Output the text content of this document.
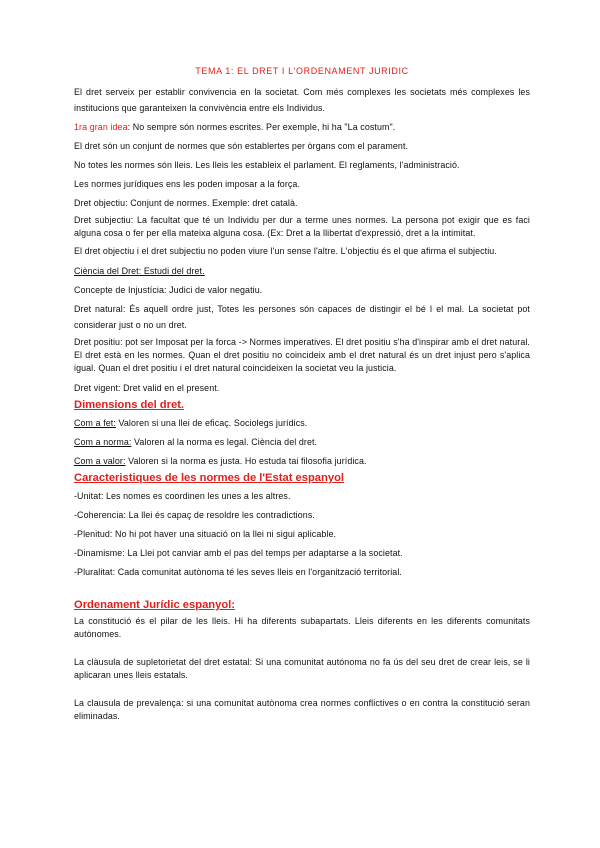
TEMA 1: EL DRET I L'ORDENAMENT JURIDIC

El dret serveix per establir convivencia en la societat. Com més complexes les societats més complexes les institucions que garanteixen la convivència entre els Individus.

1ra gran idea: No sempre són normes escrites. Per exemple, hi ha "La costum".

El dret són un conjunt de normes que són establertes per òrgans com el parament.

No totes les normes són lleis. Les lleis les estableix el parlament. El reglaments, l'administració.

Les normes jurídiques ens les poden imposar a la força.

Dret objectiu: Conjunt de normes. Exemple: dret català.

Dret subjectiu: La facultat que té un Individu per dur a terme unes normes. La persona pot exigir que es faci alguna cosa o fer per ella mateixa alguna cosa. (Ex: Dret a la llibertat d'expressió, dret a la intimitat.

El dret objectiu i el dret subjectiu no poden viure l'un sense l'altre. L'objectiu és el que afirma el subjectiu.

Ciència del Dret: Estudi del dret.

Concepte de Injustícia: Judici de valor negatiu.

Dret natural: És aquell ordre just, Totes les persones són capaces de distingir el bé I el mal. La societat pot considerar just o no un dret.

Dret positiu: pot ser Imposat per la forca -> Normes imperatives. El dret positiu s'ha d'inspirar amb el dret natural. El dret està en les normes. Quan el dret positiu no coincideix amb el dret natural és un dret injust pero s'aplica igual. Quan el dret positiu i el dret natural coincideixen la societat veu la justicia.

Dret vigent: Dret valid en el present.

Dimensions del dret.

Com a fet: Valoren si una llei de eficaç. Sociolegs jurídics.

Com a norma: Valoren al la norma es legal. Ciència del dret.

Com a valor: Valoren si la norma es justa. Ho estuda tai filosofia jurídica.

Caracteristiques de les normes de l'Estat espanyol

-Unitat: Les nomes es coordinen les unes a les altres.

-Coherencia: La llei és capaç de resoldre les contradictions.

-Plenitud: No hi pot haver una situació on la llei ni sigui aplicable.

-Dinamisme: La Llei pot canviar amb el pas del temps per adaptarse a la societat.

-Pluralitat: Cada comunitat autònoma té les seves lleis en l'organització territorial.

Ordenament Jurídic espanyol:

La constitució és el pilar de les lleis. Hi ha diferents subapartats. Lleis diferents en les diferents comunitats autònomes.

La clàusula de supletorietat del dret estatal: Si una comunitat autónoma no fa ús del seu dret de crear leis, se li aplicaran unes lleis estatals.

La clausula de prevalença: si una comunitat autònoma crea normes conflictives o en contra la constitució seran eliminadas.
